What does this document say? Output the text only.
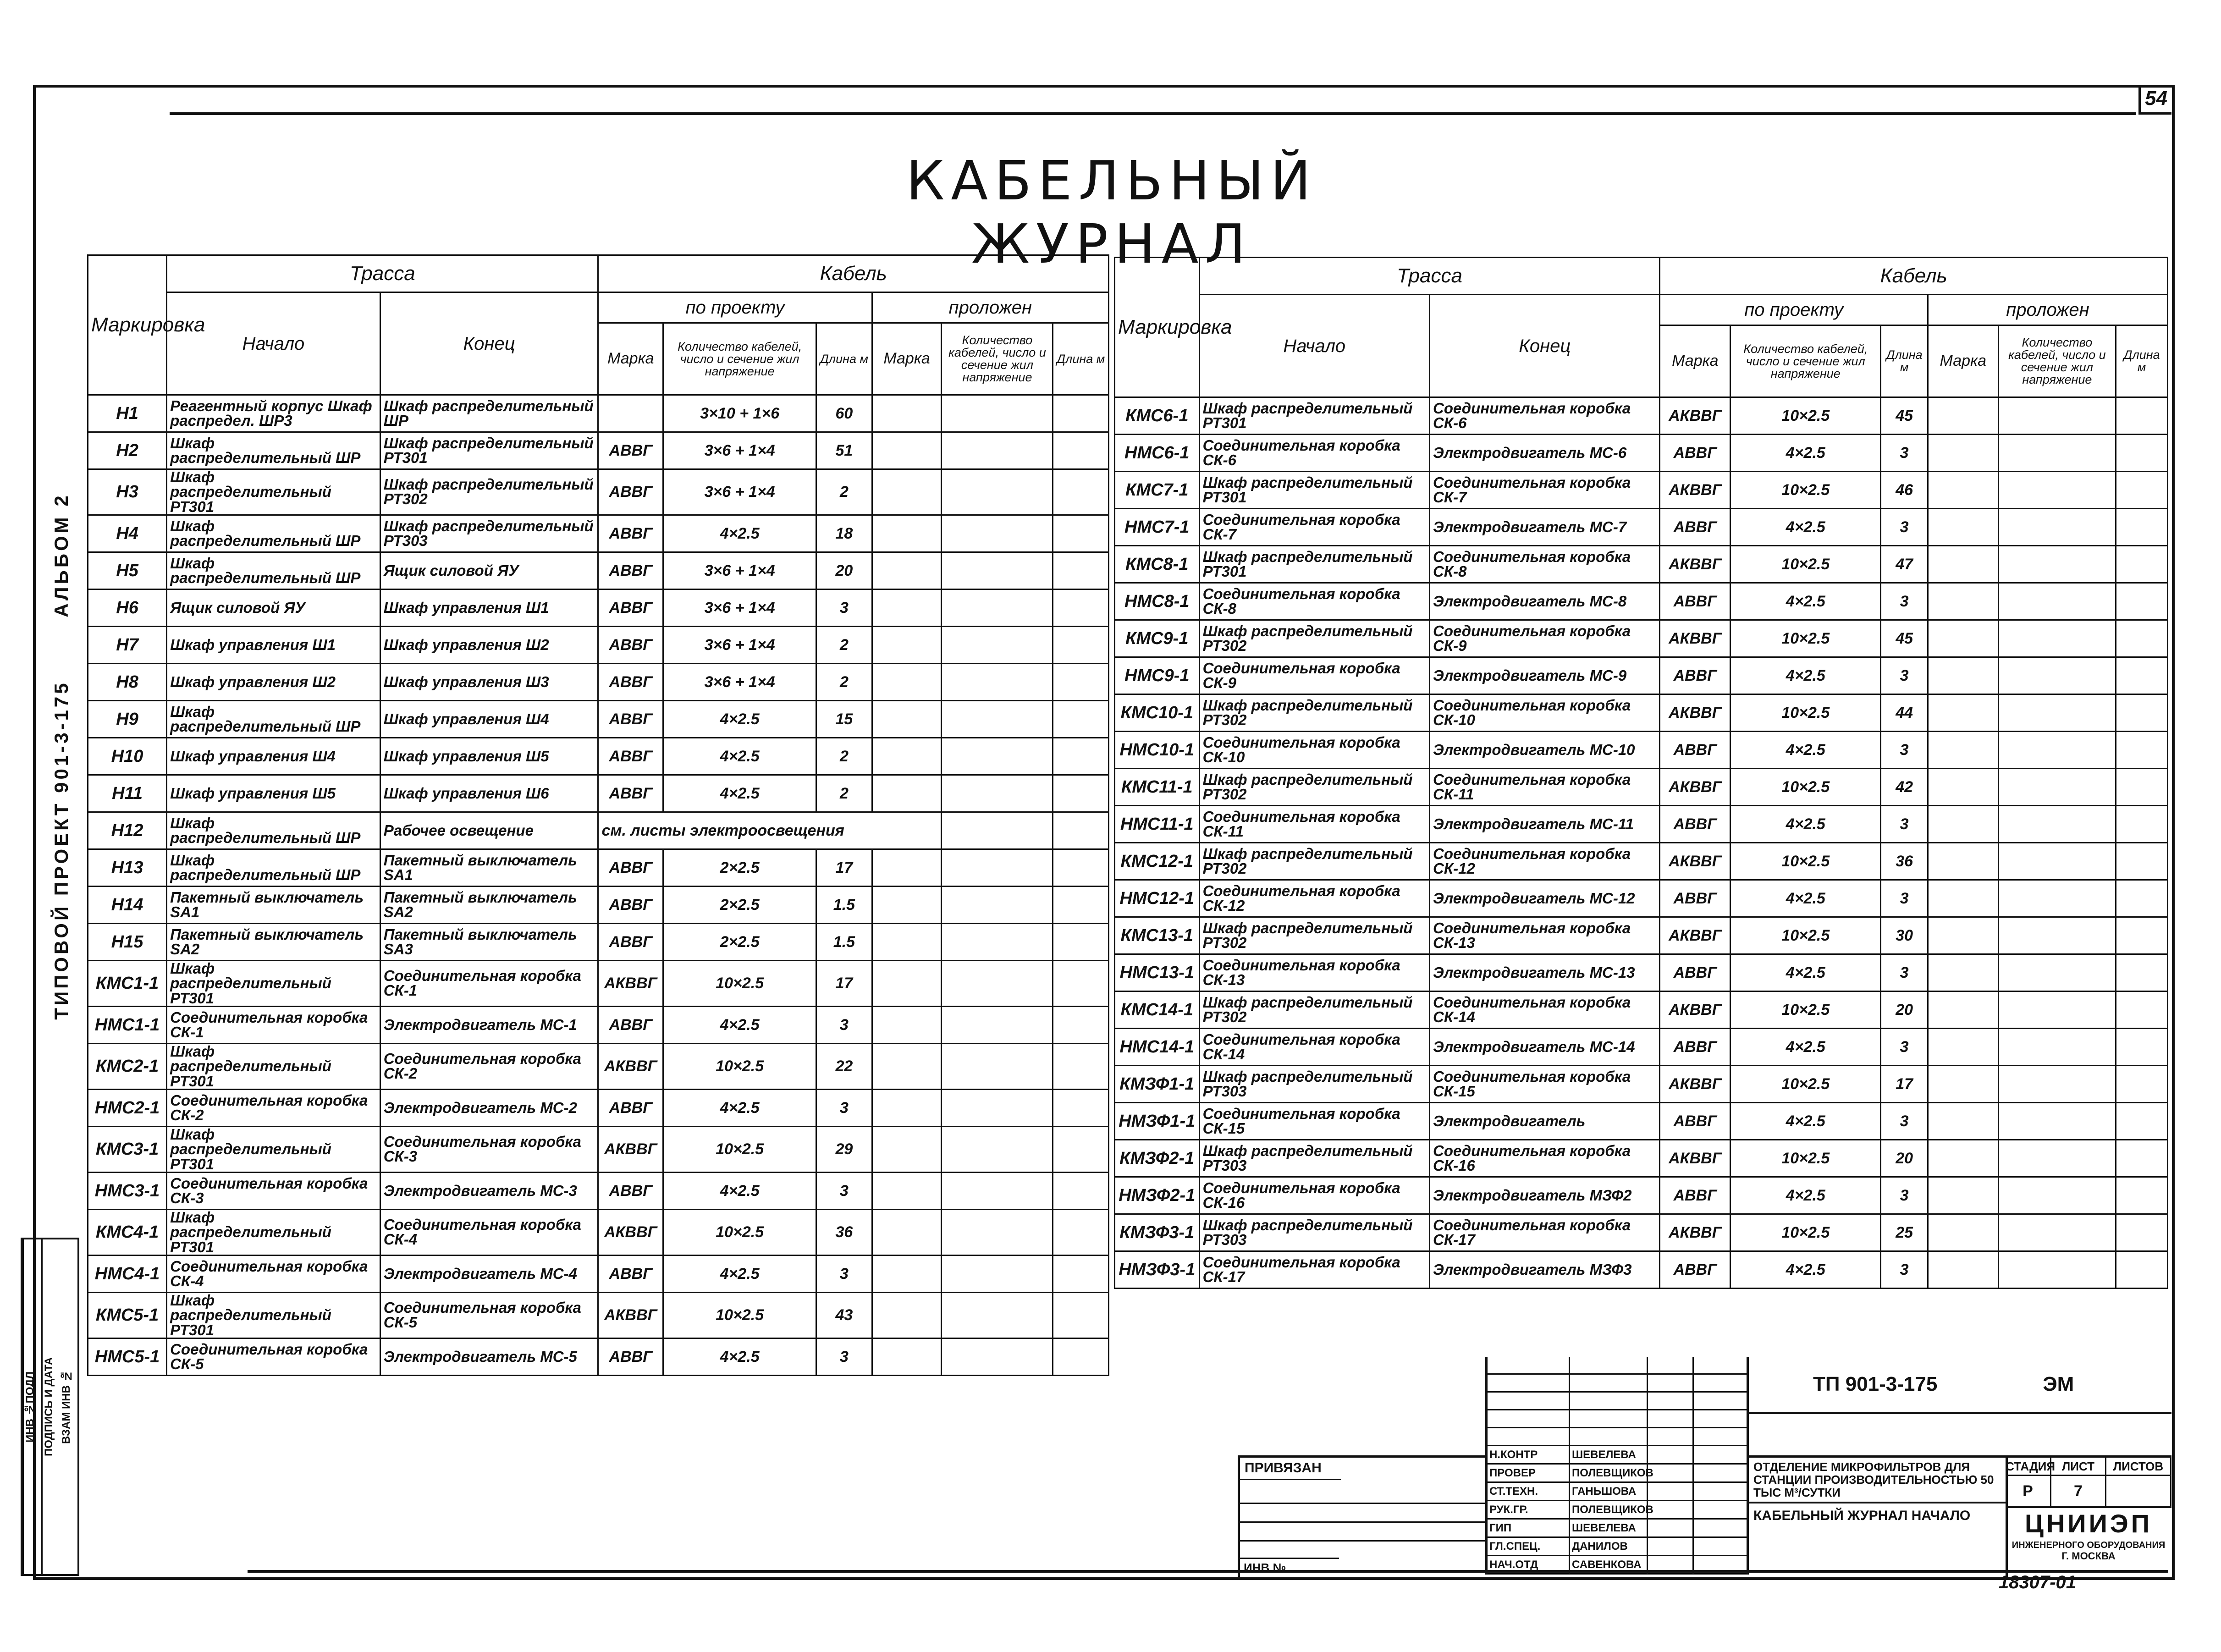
54
КАБЕЛЬНЫЙ ЖУРНАЛ
ТИПОВОЙ ПРОЕКТ 901-3-175 АЛЬБОМ 2
ИНВ №ПОДЛ ПОДПИСЬ И ДАТА ВЗАМ ИНВ №
Маркировка	Трасса		Кабель					
	Начало	Конец	по проекту			проложен		
			Марка	Количество кабелей, число и сечение жил напряжение	Длина м	Марка	Количество кабелей, число и сечение жил напряжение	Длина м
Н1	Реагентный корпус Шкаф распредел. ШР3	Шкаф распределительный ШР		3×10 + 1×6	60			
Н2	Шкаф распределительный ШР	Шкаф распределительный РТ301	АВВГ	3×6 + 1×4	51			
Н3	Шкаф распределительный РТ301	Шкаф распределительный РТ302	АВВГ	3×6 + 1×4	2			
Н4	Шкаф распределительный ШР	Шкаф распределительный РТ303	АВВГ	4×2.5	18			
Н5	Шкаф распределительный ШР	Ящик силовой ЯУ	АВВГ	3×6 + 1×4	20			
Н6	Ящик силовой ЯУ	Шкаф управления Ш1	АВВГ	3×6 + 1×4	3			
Н7	Шкаф управления Ш1	Шкаф управления Ш2	АВВГ	3×6 + 1×4	2			
Н8	Шкаф управления Ш2	Шкаф управления Ш3	АВВГ	3×6 + 1×4	2			
Н9	Шкаф распределительный ШР	Шкаф управления Ш4	АВВГ	4×2.5	15			
Н10	Шкаф управления Ш4	Шкаф управления Ш5	АВВГ	4×2.5	2			
Н11	Шкаф управления Ш5	Шкаф управления Ш6	АВВГ	4×2.5	2			
Н12	Шкаф распределительный ШР	Рабочее освещение	см. листы электроосвещения					
Н13	Шкаф распределительный ШР	Пакетный выключатель SA1	АВВГ	2×2.5	17			
Н14	Пакетный выключатель SA1	Пакетный выключатель SA2	АВВГ	2×2.5	1.5			
Н15	Пакетный выключатель SA2	Пакетный выключатель SA3	АВВГ	2×2.5	1.5			
КМС1-1	Шкаф распределительный РТ301	Соединительная коробка СК-1	АКВВГ	10×2.5	17			
НМС1-1	Соединительная коробка СК-1	Электродвигатель МС-1	АВВГ	4×2.5	3			
КМС2-1	Шкаф распределительный РТ301	Соединительная коробка СК-2	АКВВГ	10×2.5	22			
НМС2-1	Соединительная коробка СК-2	Электродвигатель МС-2	АВВГ	4×2.5	3			
КМС3-1	Шкаф распределительный РТ301	Соединительная коробка СК-3	АКВВГ	10×2.5	29			
НМС3-1	Соединительная коробка СК-3	Электродвигатель МС-3	АВВГ	4×2.5	3			
КМС4-1	Шкаф распределительный РТ301	Соединительная коробка СК-4	АКВВГ	10×2.5	36			
НМС4-1	Соединительная коробка СК-4	Электродвигатель МС-4	АВВГ	4×2.5	3			
КМС5-1	Шкаф распределительный РТ301	Соединительная коробка СК-5	АКВВГ	10×2.5	43			
НМС5-1	Соединительная коробка СК-5	Электродвигатель МС-5	АВВГ	4×2.5	3			
Маркировка	Трасса		Кабель					
	Начало	Конец	по проекту			проложен		
			Марка	Количество кабелей, число и сечение жил напряжение	Длина м	Марка	Количество кабелей, число и сечение жил напряжение	Длина м
КМС6-1	Шкаф распределительный РТ301	Соединительная коробка СК-6	АКВВГ	10×2.5	45			
НМС6-1	Соединительная коробка СК-6	Электродвигатель МС-6	АВВГ	4×2.5	3			
КМС7-1	Шкаф распределительный РТ301	Соединительная коробка СК-7	АКВВГ	10×2.5	46			
НМС7-1	Соединительная коробка СК-7	Электродвигатель МС-7	АВВГ	4×2.5	3			
КМС8-1	Шкаф распределительный РТ301	Соединительная коробка СК-8	АКВВГ	10×2.5	47			
НМС8-1	Соединительная коробка СК-8	Электродвигатель МС-8	АВВГ	4×2.5	3			
КМС9-1	Шкаф распределительный РТ302	Соединительная коробка СК-9	АКВВГ	10×2.5	45			
НМС9-1	Соединительная коробка СК-9	Электродвигатель МС-9	АВВГ	4×2.5	3			
КМС10-1	Шкаф распределительный РТ302	Соединительная коробка СК-10	АКВВГ	10×2.5	44			
НМС10-1	Соединительная коробка СК-10	Электродвигатель МС-10	АВВГ	4×2.5	3			
КМС11-1	Шкаф распределительный РТ302	Соединительная коробка СК-11	АКВВГ	10×2.5	42			
НМС11-1	Соединительная коробка СК-11	Электродвигатель МС-11	АВВГ	4×2.5	3			
КМС12-1	Шкаф распределительный РТ302	Соединительная коробка СК-12	АКВВГ	10×2.5	36			
НМС12-1	Соединительная коробка СК-12	Электродвигатель МС-12	АВВГ	4×2.5	3			
КМС13-1	Шкаф распределительный РТ302	Соединительная коробка СК-13	АКВВГ	10×2.5	30			
НМС13-1	Соединительная коробка СК-13	Электродвигатель МС-13	АВВГ	4×2.5	3			
КМС14-1	Шкаф распределительный РТ302	Соединительная коробка СК-14	АКВВГ	10×2.5	20			
НМС14-1	Соединительная коробка СК-14	Электродвигатель МС-14	АВВГ	4×2.5	3			
КМЗФ1-1	Шкаф распределительный РТ303	Соединительная коробка СК-15	АКВВГ	10×2.5	17			
НМЗФ1-1	Соединительная коробка СК-15	Электродвигатель	АВВГ	4×2.5	3			
КМЗФ2-1	Шкаф распределительный РТ303	Соединительная коробка СК-16	АКВВГ	10×2.5	20			
НМЗФ2-1	Соединительная коробка СК-16	Электродвигатель МЗФ2	АВВГ	4×2.5	3			
КМЗФ3-1	Шкаф распределительный РТ303	Соединительная коробка СК-17	АКВВГ	10×2.5	25			
НМЗФ3-1	Соединительная коробка СК-17	Электродвигатель МЗФ3	АВВГ	4×2.5	3			
ПРИВЯЗАН
ИНВ №
Н.КОНТР	ШЕВЕЛЕВА
ПРОВЕР	ПОЛЕВЩИКОВ
СТ.ТЕХН.	ГАНЬШОВА
РУК.ГР.	ПОЛЕВЩИКОВ
ГИП	ШЕВЕЛЕВА
ГЛ.СПЕЦ.	ДАНИЛОВ
НАЧ.ОТД	САВЕНКОВА
ТП 901-3-175	ЭМ
ОТДЕЛЕНИЕ МИКРОФИЛЬТРОВ ДЛЯ СТАНЦИИ ПРОИЗВОДИТЕЛЬНОСТЬЮ 50 ТЫС М³/СУТКИ
КАБЕЛЬНЫЙ ЖУРНАЛ НАЧАЛО
СТАДИЯ ЛИСТ	ЛИСТОВ
Р	7
ЦНИИЭП
ИНЖЕНЕРНОГО ОБОРУДОВАНИЯ
Г. МОСКВА
18307-01
